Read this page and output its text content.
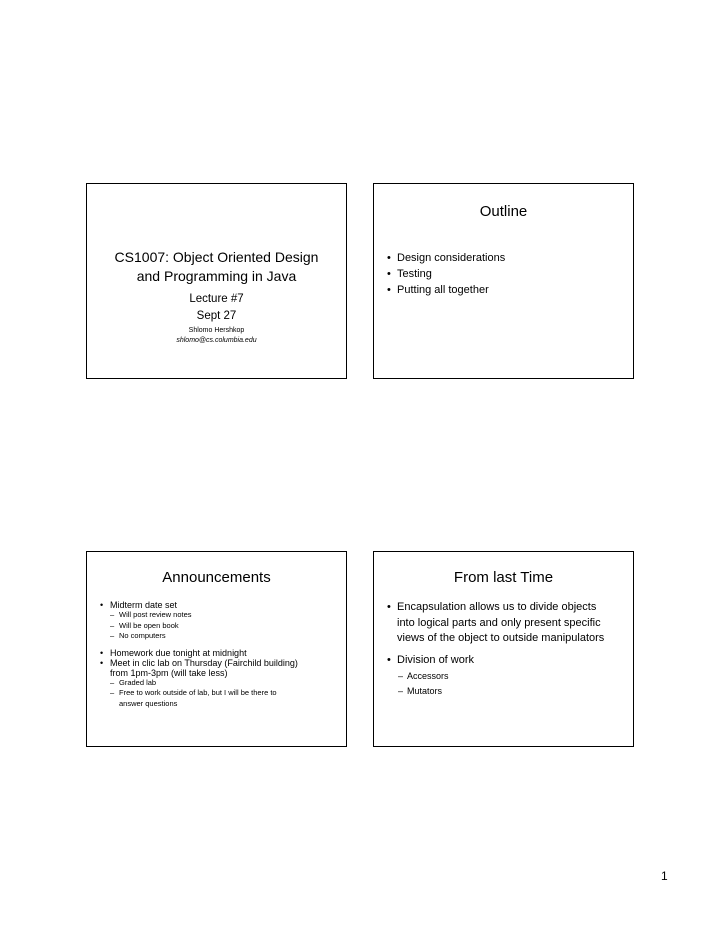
CS1007: Object Oriented Design
and Programming in Java
Lecture #7
Sept 27
Shlomo Hershkop
shlomo@cs.columbia.edu
Outline
• Design considerations
• Testing
• Putting all together
Announcements
• Midterm date set
– Will post review notes
– Will be open book
– No computers
• Homework due tonight at midnight
• Meet in clic lab on Thursday (Fairchild building)
from 1pm-3pm (will take less)
– Graded lab
– Free to work outside of lab, but I will be there to
answer questions
From last Time
• Encapsulation allows us to divide objects
into logical parts and only present specific
views of the object to outside manipulators
• Division of work
– Accessors
– Mutators
1
